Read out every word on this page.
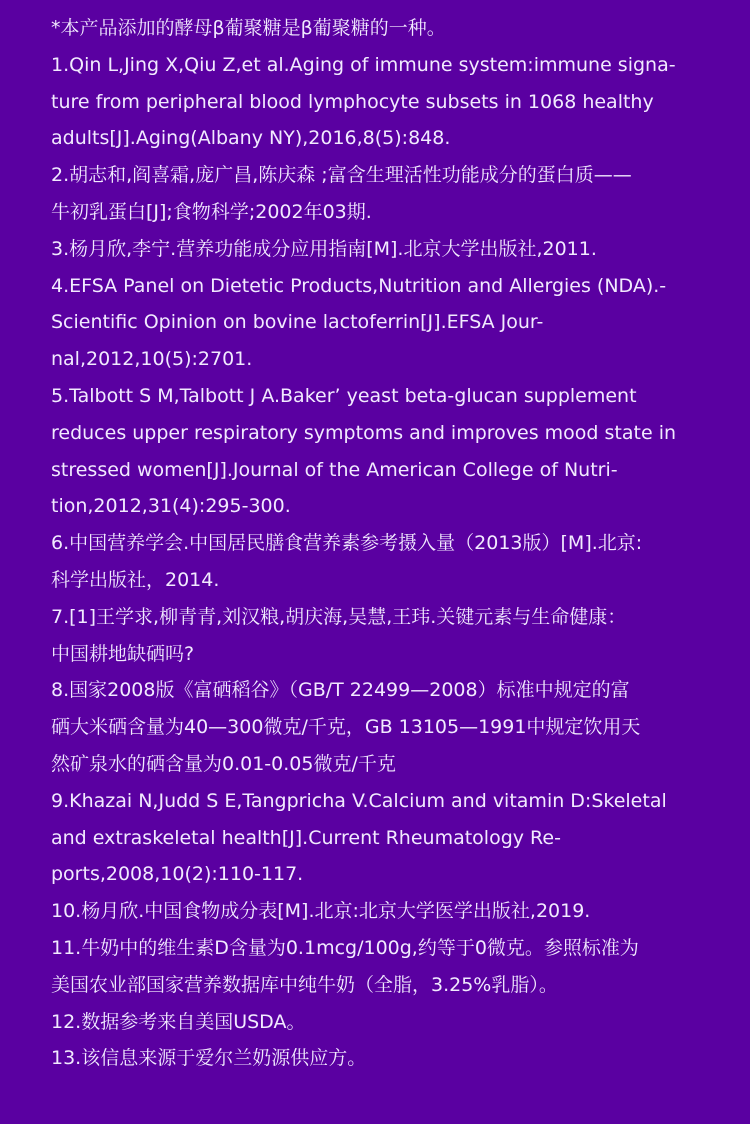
*本产品添加的酵母β葡聚糖是β葡聚糖的一种。

1.Qin L,Jing X,Qiu Z,et al.Aging of immune system:immune signa-
ture from peripheral blood lymphocyte subsets in 1068 healthy
adults[J].Aging(Albany NY),2016,8(5):848.

2.胡志和,阎喜霜,庞广昌,陈庆森 ;富含生理活性功能成分的蛋白质——
牛初乳蛋白[J];食物科学;2002年03期.

3.杨月欣,李宁.营养功能成分应用指南[M].北京大学出版社,2011.

4.EFSA Panel on Dietetic Products,Nutrition and Allergies (NDA).-
Scientific Opinion on bovine lactoferrin[J].EFSA Jour-
nal,2012,10(5):2701.

5.Talbott S M,Talbott J A.Baker’ yeast beta-glucan supplement
reduces upper respiratory symptoms and improves mood state in
stressed women[J].Journal of the American College of Nutri-
tion,2012,31(4):295-300.

6.中国营养学会.中国居民膳食营养素参考摄入量（2013版）[M].北京:
科学出版社，2014.

7.[1]王学求,柳青青,刘汉粮,胡庆海,吴慧,王玮.关键元素与生命健康：
中国耕地缺硒吗?

8.国家2008版《富硒稻谷》（GB/T 22499—2008）标准中规定的富
硒大米硒含量为40—300微克/千克，GB 13105—1991中规定饮用天
然矿泉水的硒含量为0.01-0.05微克/千克

9.Khazai N,Judd S E,Tangpricha V.Calcium and vitamin D:Skeletal
and extraskeletal health[J].Current Rheumatology Re-
ports,2008,10(2):110-117.

10.杨月欣.中国食物成分表[M].北京:北京大学医学出版社,2019.

11.牛奶中的维生素D含量为0.1mcg/100g,约等于0微克。参照标准为
美国农业部国家营养数据库中纯牛奶（全脂，3.25%乳脂）。

12.数据参考来自美国USDA。

13.该信息来源于爱尔兰奶源供应方。
